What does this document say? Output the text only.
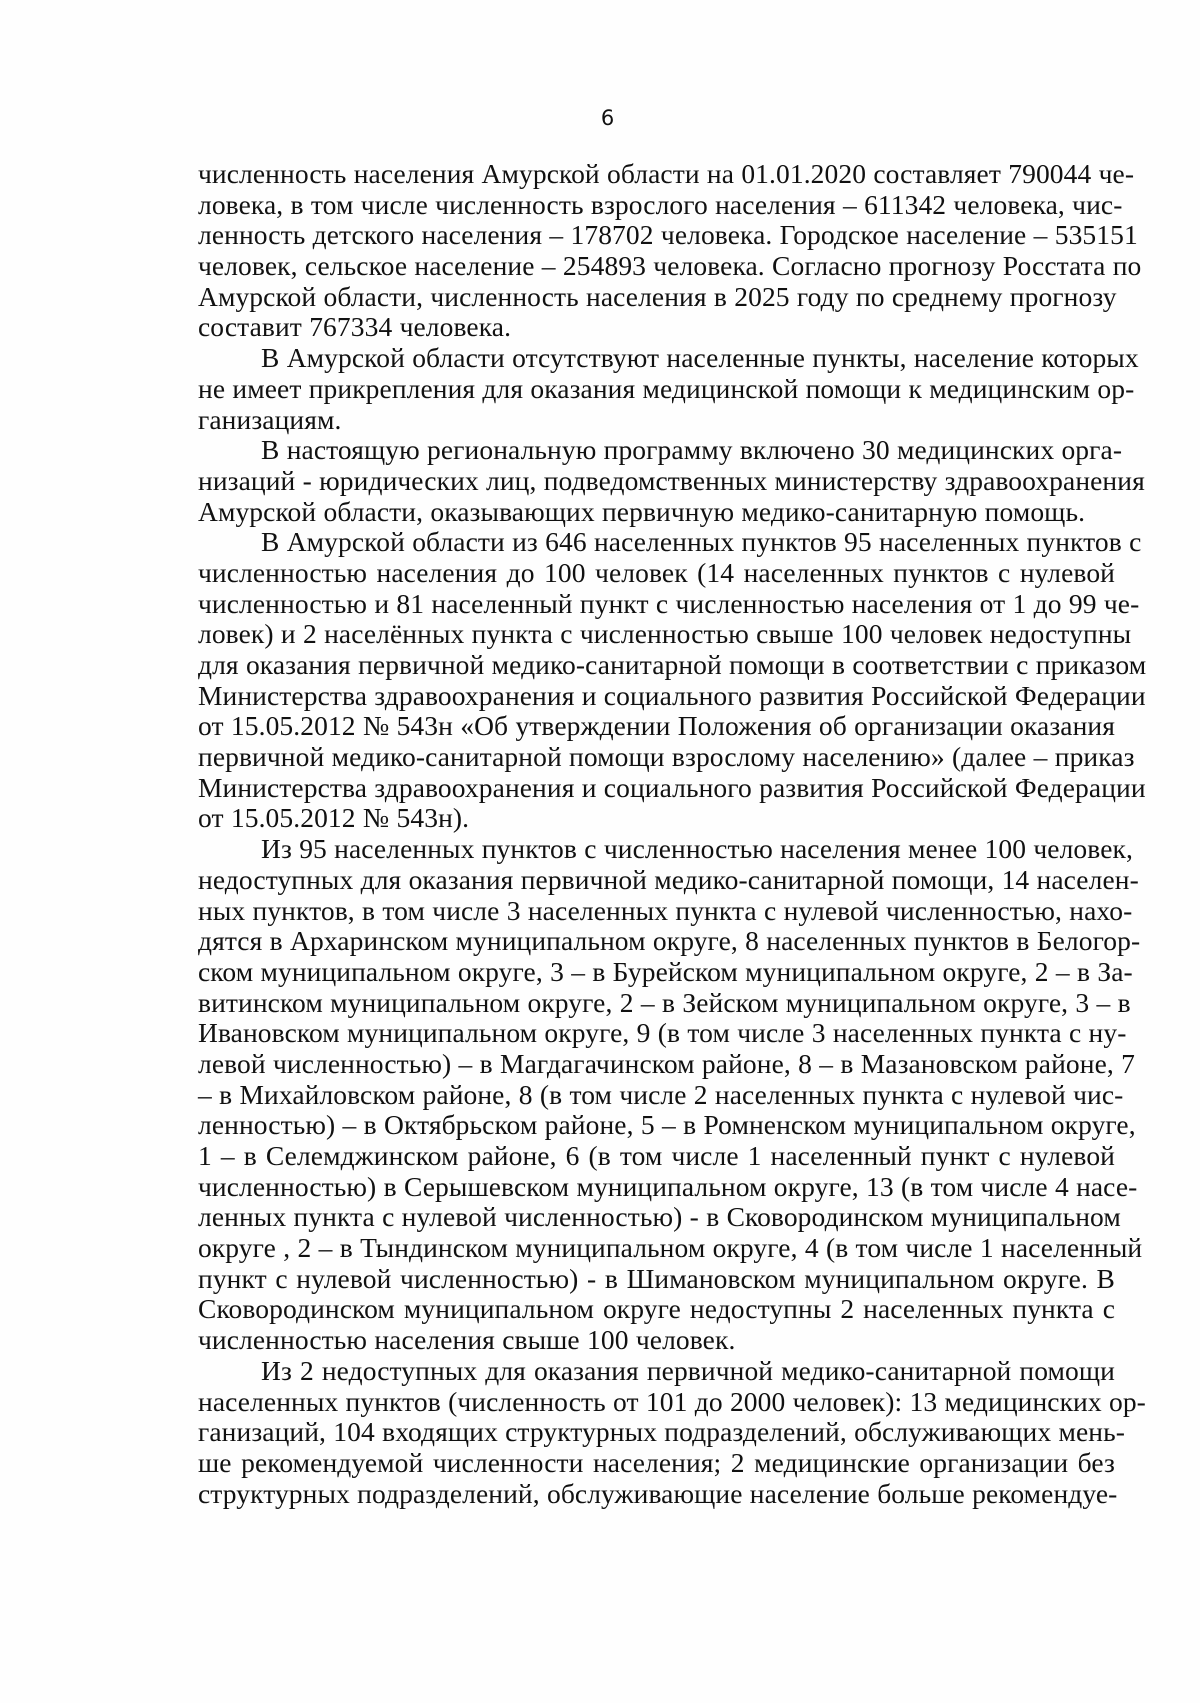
6
численность населения Амурской области на 01.01.2020 составляет 790044 че-
ловека, в том числе численность взрослого населения – 611342 человека, чис-
ленность детского населения – 178702 человека. Городское население – 535151
человек, сельское население – 254893 человека. Согласно прогнозу Росстата по
Амурской области, численность населения в 2025 году по среднему прогнозу
составит 767334 человека.
В Амурской области отсутствуют населенные пункты, население которых
не имеет прикрепления для оказания медицинской помощи к медицинским ор-
ганизациям.
В настоящую региональную программу включено 30 медицинских орга-
низаций - юридических лиц, подведомственных министерству здравоохранения
Амурской области, оказывающих первичную медико-санитарную помощь.
В Амурской области из 646 населенных пунктов 95 населенных пунктов с
численностью населения до 100 человек (14 населенных пунктов с нулевой
численностью и 81 населенный пункт с численностью населения от 1 до 99 че-
ловек) и 2 населённых пункта с численностью свыше 100 человек недоступны
для оказания первичной медико-санитарной помощи в соответствии с приказом
Министерства здравоохранения и социального развития Российской Федерации
от 15.05.2012 № 543н «Об утверждении Положения об организации оказания
первичной медико-санитарной помощи взрослому населению» (далее – приказ
Министерства здравоохранения и социального развития Российской Федерации
от 15.05.2012 № 543н).
Из 95 населенных пунктов с численностью населения менее 100 человек,
недоступных для оказания первичной медико-санитарной помощи, 14 населен-
ных пунктов, в том числе 3 населенных пункта с нулевой численностью, нахо-
дятся в Архаринском муниципальном округе, 8 населенных пунктов в Белогор-
ском муниципальном округе, 3 – в Бурейском муниципальном округе, 2 – в За-
витинском муниципальном округе, 2 – в Зейском муниципальном округе, 3 – в
Ивановском муниципальном округе, 9 (в том числе 3 населенных пункта с ну-
левой численностью) – в Магдагачинском районе, 8 – в Мазановском районе, 7
– в Михайловском районе, 8 (в том числе 2 населенных пункта с нулевой чис-
ленностью) – в Октябрьском районе, 5 – в Ромненском муниципальном округе,
1 – в Селемджинском районе, 6 (в том числе 1 населенный пункт с нулевой
численностью) в Серышевском муниципальном округе, 13 (в том числе 4 насе-
ленных пункта с нулевой численностью) - в Сковородинском муниципальном
округе , 2 – в Тындинском муниципальном округе, 4 (в том числе 1 населенный
пункт с нулевой численностью) - в Шимановском муниципальном округе. В
Сковородинском муниципальном округе недоступны 2 населенных пункта с
численностью населения свыше 100 человек.
Из 2 недоступных для оказания первичной медико-санитарной помощи
населенных пунктов (численность от 101 до 2000 человек): 13 медицинских ор-
ганизаций, 104 входящих структурных подразделений, обслуживающих мень-
ше рекомендуемой численности населения; 2 медицинские организации без
структурных подразделений, обслуживающие население больше рекомендуе-
